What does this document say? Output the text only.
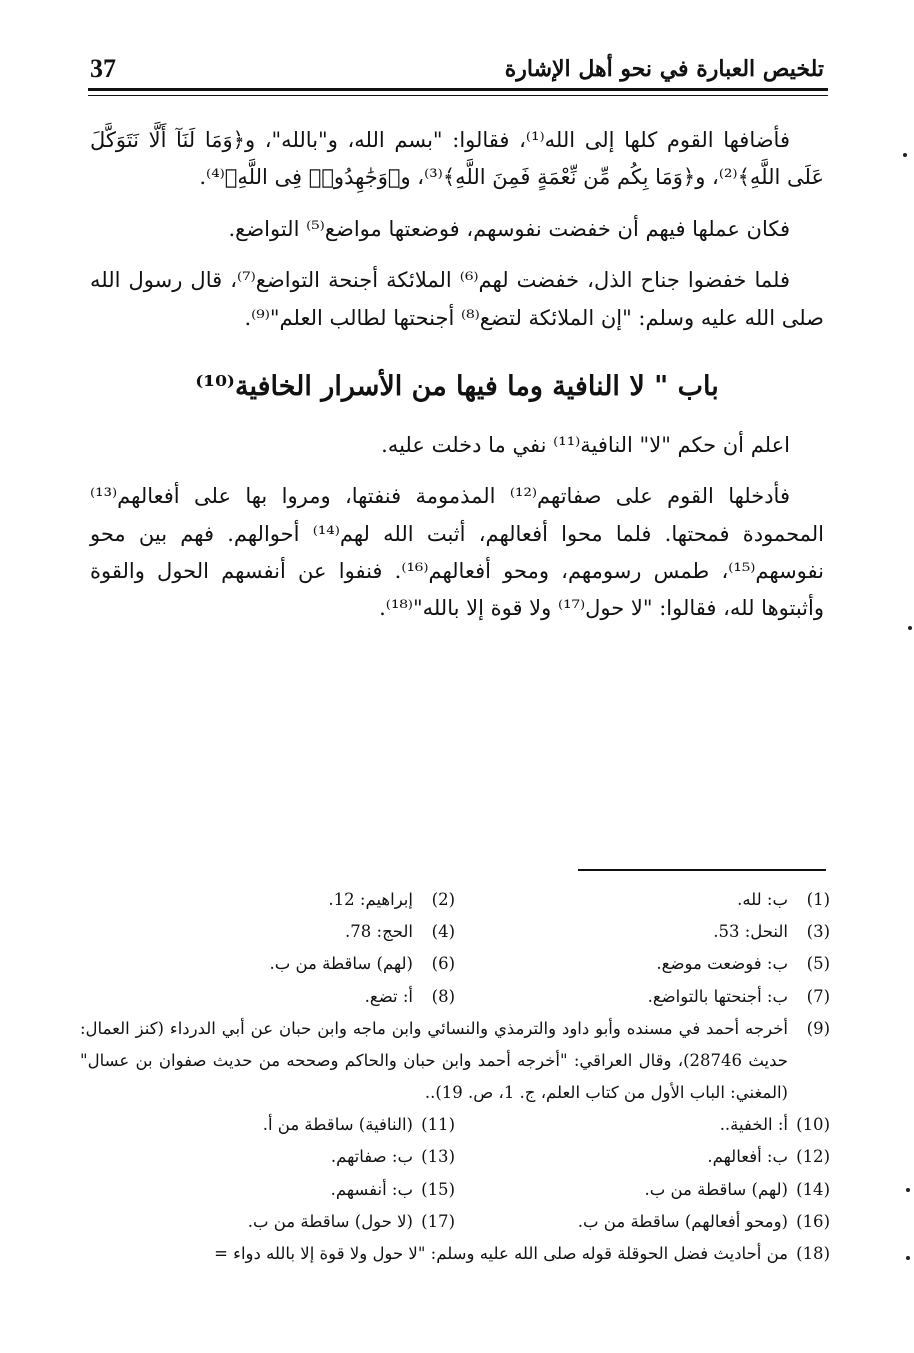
37	تلخيص العبارة في نحو أهل الإشارة

فأضافها القوم كلها إلى الله⁽¹⁾، فقالوا: "بسم الله، و"بالله"، و﴿وَمَا لَنَآ أَلَّا نَتَوَكَّلَ عَلَى اللَّهِ﴾⁽²⁾، و﴿وَمَا بِكُم مِّن نِّعْمَةٍ فَمِنَ اللَّهِ﴾⁽³⁾، و﴿وَجَٰهِدُوا۟ فِى اللَّهِ﴾⁽⁴⁾.

فكان عملها فيهم أن خفضت نفوسهم، فوضعتها مواضع⁽⁵⁾ التواضع.

فلما خفضوا جناح الذل، خفضت لهم⁽⁶⁾ الملائكة أجنحة التواضع⁽⁷⁾، قال رسول الله صلى الله عليه وسلم: "إن الملائكة لتضع⁽⁸⁾ أجنحتها لطالب العلم"⁽⁹⁾.

باب " لا النافية وما فيها من الأسرار الخافية⁽¹⁰⁾

اعلم أن حكم "لا" النافية⁽¹¹⁾ نفي ما دخلت عليه.

فأدخلها القوم على صفاتهم⁽¹²⁾ المذمومة فنفتها، ومروا بها على أفعالهم⁽¹³⁾ المحمودة فمحتها. فلما محوا أفعالهم، أثبت الله لهم⁽¹⁴⁾ أحوالهم. فهم بين محو نفوسهم⁽¹⁵⁾، طمس رسومهم، ومحو أفعالهم⁽¹⁶⁾. فنفوا عن أنفسهم الحول والقوة وأثبتوها لله، فقالوا: "لا حول⁽¹⁷⁾ ولا قوة إلا بالله"⁽¹⁸⁾.

(1)
ب: لله.
(2)
إبراهيم: 12.
(3)
النحل: 53.
(4)
الحج: 78.
(5)
ب: فوضعت موضع.
(6)
(لهم) ساقطة من ب.
(7)
ب: أجنحتها بالتواضع.
(8)
أ: تضع.
(9)
أخرجه أحمد في مسنده وأبو داود والترمذي والنسائي وابن ماجه وابن حبان عن أبي الدرداء (كنز العمال: حديث 28746)، وقال العراقي: "أخرجه أحمد وابن حبان والحاكم وصححه من حديث صفوان بن عسال" (المغني: الباب الأول من كتاب العلم، ج. 1، ص. 19)..
(10)
أ: الخفية..
(11)
(النافية) ساقطة من أ.
(12)
ب: أفعالهم.
(13)
ب: صفاتهم.
(14)
(لهم) ساقطة من ب.
(15)
ب: أنفسهم.
(16)
(ومحو أفعالهم) ساقطة من ب.
(17)
(لا حول) ساقطة من ب.
(18)
من أحاديث فضل الحوقلة قوله صلى الله عليه وسلم: "لا حول ولا قوة إلا بالله دواء =
